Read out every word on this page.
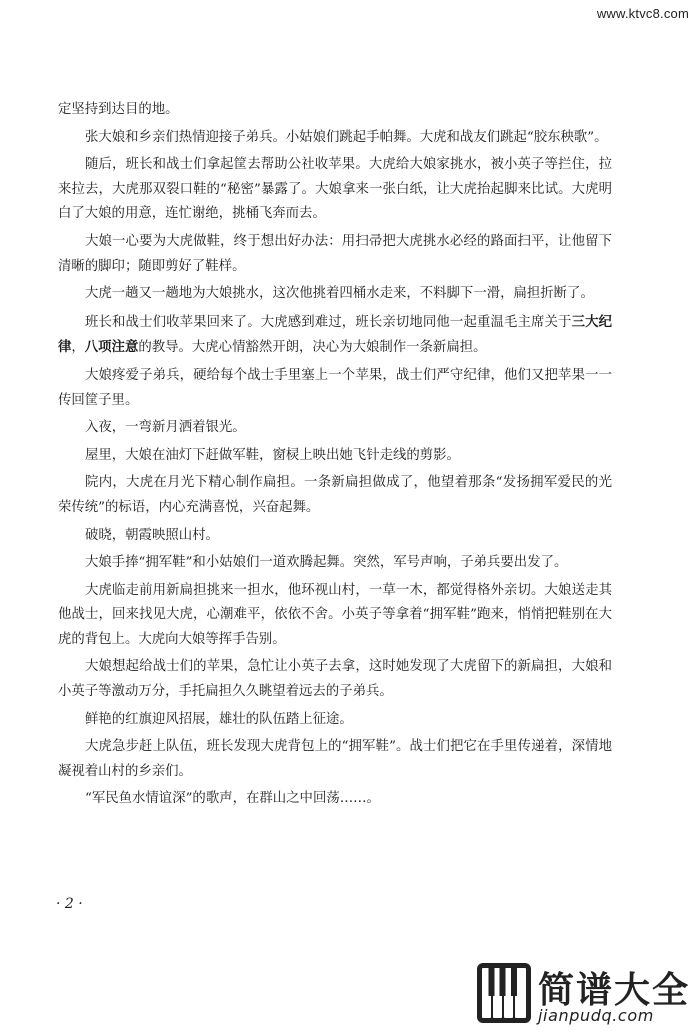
www.ktvc8.com

定坚持到达目的地。

张大娘和乡亲们热情迎接子弟兵。小姑娘们跳起手帕舞。大虎和战友们跳起“胶东秧歌”。

随后，班长和战士们拿起筐去帮助公社收苹果。大虎给大娘家挑水，被小英子等拦住，拉来拉去，大虎那双裂口鞋的“秘密”暴露了。大娘拿来一张白纸，让大虎抬起脚来比试。大虎明白了大娘的用意，连忙谢绝，挑桶飞奔而去。

大娘一心要为大虎做鞋，终于想出好办法：用扫帚把大虎挑水必经的路面扫平，让他留下清晰的脚印；随即剪好了鞋样。

大虎一趟又一趟地为大娘挑水，这次他挑着四桶水走来，不料脚下一滑，扁担折断了。

班长和战士们收苹果回来了。大虎感到难过，班长亲切地同他一起重温毛主席关于三大纪律，八项注意的教导。大虎心情豁然开朗，决心为大娘制作一条新扁担。

大娘疼爱子弟兵，硬给每个战士手里塞上一个苹果，战士们严守纪律，他们又把苹果一一传回筐子里。

入夜，一弯新月洒着银光。

屋里，大娘在油灯下赶做军鞋，窗棂上映出她飞针走线的剪影。

院内，大虎在月光下精心制作扁担。一条新扁担做成了，他望着那条“发扬拥军爱民的光荣传统”的标语，内心充满喜悦，兴奋起舞。

破晓，朝霞映照山村。

大娘手捧“拥军鞋”和小姑娘们一道欢腾起舞。突然，军号声响，子弟兵要出发了。

大虎临走前用新扁担挑来一担水，他环视山村，一草一木，都觉得格外亲切。大娘送走其他战士，回来找见大虎，心潮难平，依依不舍。小英子等拿着“拥军鞋”跑来，悄悄把鞋别在大虎的背包上。大虎向大娘等挥手告别。

大娘想起给战士们的苹果，急忙让小英子去拿，这时她发现了大虎留下的新扁担，大娘和小英子等激动万分，手托扁担久久眺望着远去的子弟兵。

鲜艳的红旗迎风招展，雄壮的队伍踏上征途。

大虎急步赶上队伍，班长发现大虎背包上的“拥军鞋”。战士们把它在手里传递着，深情地凝视着山村的乡亲们。

“军民鱼水情谊深”的歌声，在群山之中回荡……。

· 2 ·
简谱大全
jianpudq.com
